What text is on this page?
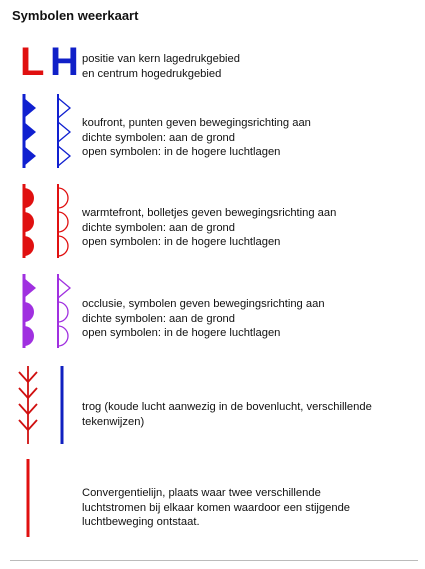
Symbolen weerkaart
L H positie van kern lagedrukgebied
en centrum hogedrukgebied
koufront, punten geven bewegingsrichting aan
dichte symbolen: aan de grond
open symbolen: in de hogere luchtlagen
warmtefront, bolletjes geven bewegingsrichting aan
dichte symbolen: aan de grond
open symbolen: in de hogere luchtlagen
occlusie, symbolen geven bewegingsrichting aan
dichte symbolen: aan de grond
open symbolen: in de hogere luchtlagen
trog (koude lucht aanwezig in de bovenlucht, verschillende
tekenwijzen)
Convergentielijn, plaats waar twee verschillende
luchtstromen bij elkaar komen waardoor een stijgende
luchtbeweging ontstaat.
